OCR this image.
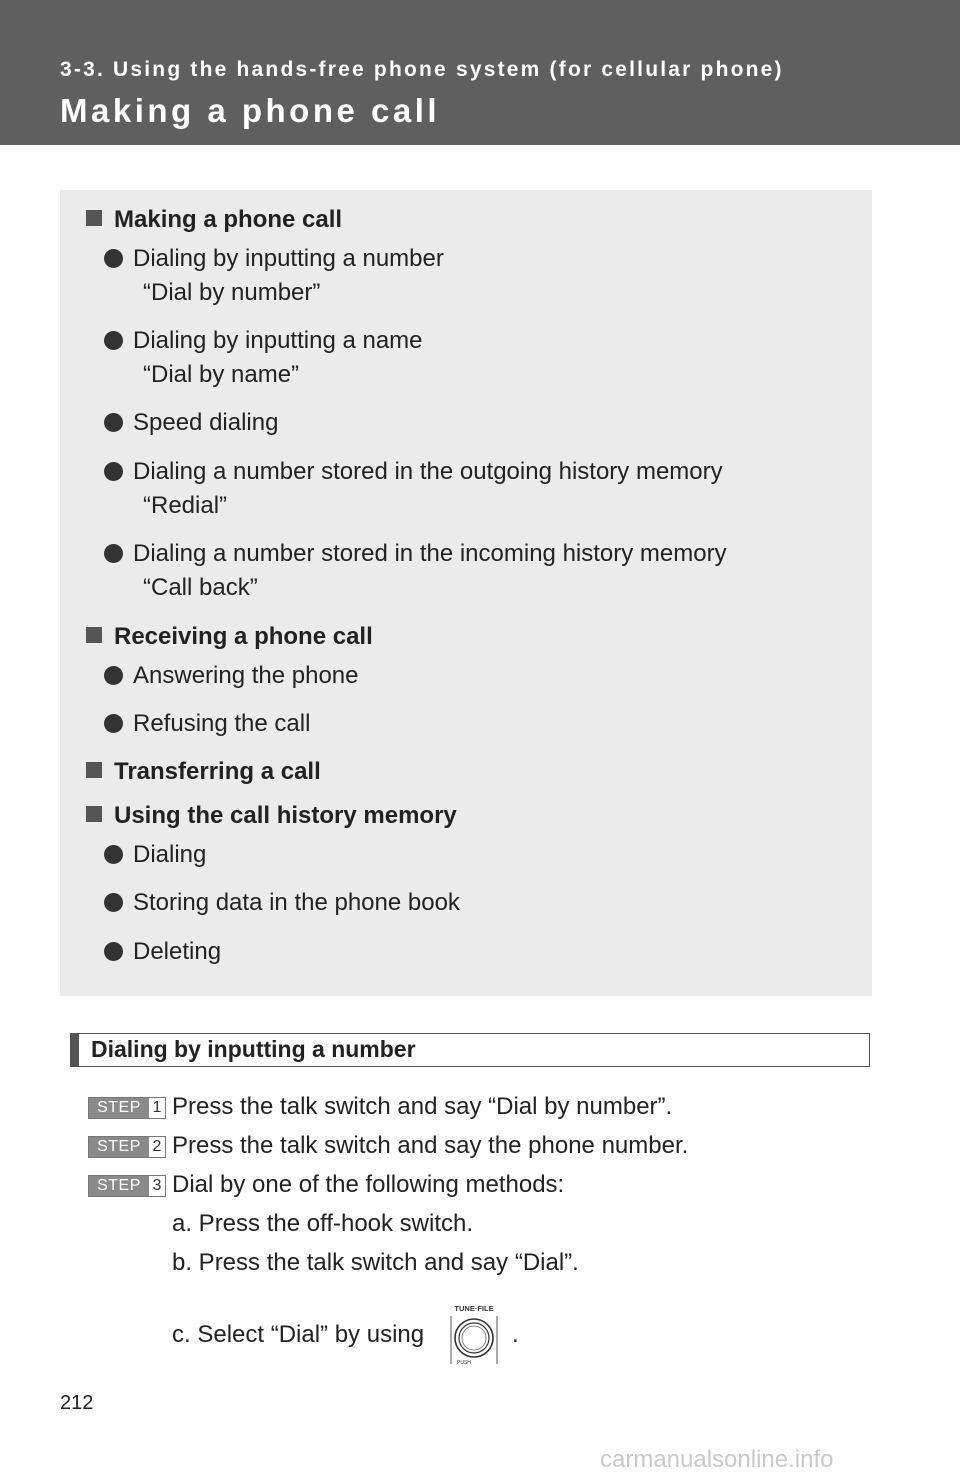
3-3. Using the hands-free phone system (for cellular phone)
Making a phone call
Making a phone call
Dialing by inputting a number
“Dial by number”
Dialing by inputting a name
“Dial by name”
Speed dialing
Dialing a number stored in the outgoing history memory
“Redial”
Dialing a number stored in the incoming history memory
“Call back”
Receiving a phone call
Answering the phone
Refusing the call
Transferring a call
Using the call history memory
Dialing
Storing data in the phone book
Deleting
Dialing by inputting a number
STEP 1 Press the talk switch and say “Dial by number”.
STEP 2 Press the talk switch and say the phone number.
STEP 3 Dial by one of the following methods:
a. Press the off-hook switch.
b. Press the talk switch and say “Dial”.
c. Select “Dial” by using	.
TUNE·FILE
PUSH
212
carmanualsonline.info
